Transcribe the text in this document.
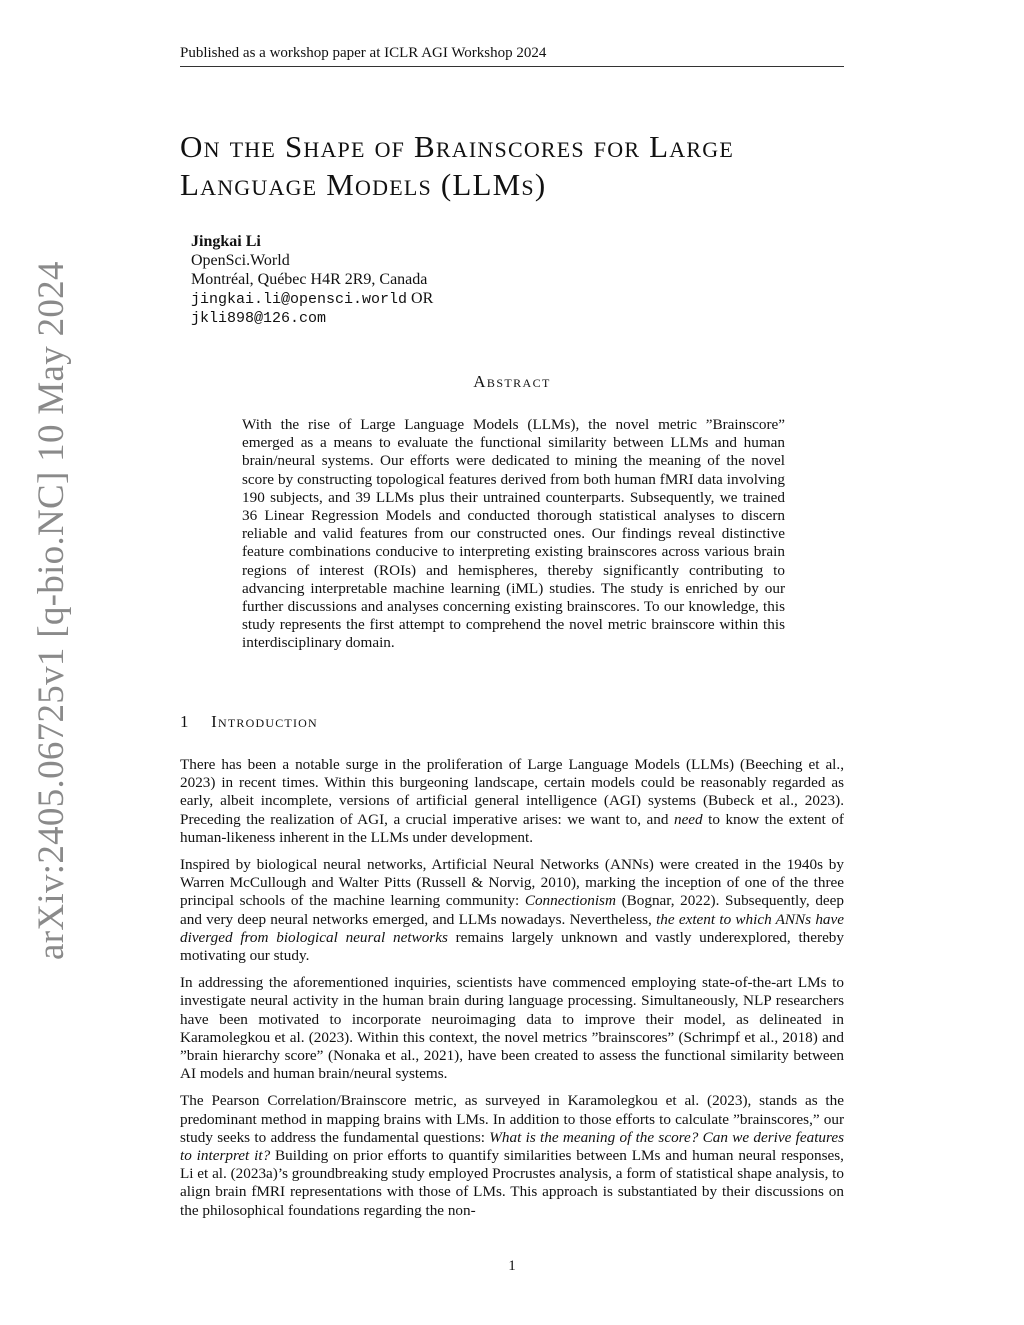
Published as a workshop paper at ICLR AGI Workshop 2024
arXiv:2405.06725v1 [q-bio.NC] 10 May 2024
On the Shape of Brainscores for Large Language Models (LLMs)
Jingkai Li
OpenSci.World
Montréal, Québec H4R 2R9, Canada
jingkai.li@opensci.world OR
jkli898@126.com
Abstract
With the rise of Large Language Models (LLMs), the novel metric ”Brainscore” emerged as a means to evaluate the functional similarity between LLMs and human brain/neural systems. Our efforts were dedicated to mining the meaning of the novel score by constructing topological features derived from both human fMRI data involving 190 subjects, and 39 LLMs plus their untrained counterparts. Subsequently, we trained 36 Linear Regression Models and conducted thorough statistical analyses to discern reliable and valid features from our constructed ones. Our findings reveal distinctive feature combinations conducive to interpreting existing brainscores across various brain regions of interest (ROIs) and hemispheres, thereby significantly contributing to advancing interpretable machine learning (iML) studies. The study is enriched by our further discussions and analyses concerning existing brainscores. To our knowledge, this study represents the first attempt to comprehend the novel metric brainscore within this interdisciplinary domain.
1 Introduction

There has been a notable surge in the proliferation of Large Language Models (LLMs) (Beeching et al., 2023) in recent times. Within this burgeoning landscape, certain models could be reasonably regarded as early, albeit incomplete, versions of artificial general intelligence (AGI) systems (Bubeck et al., 2023). Preceding the realization of AGI, a crucial imperative arises: we want to, and need to know the extent of human-likeness inherent in the LLMs under development.

Inspired by biological neural networks, Artificial Neural Networks (ANNs) were created in the 1940s by Warren McCullough and Walter Pitts (Russell & Norvig, 2010), marking the inception of one of the three principal schools of the machine learning community: Connectionism (Bognar, 2022). Subsequently, deep and very deep neural networks emerged, and LLMs nowadays. Nevertheless, the extent to which ANNs have diverged from biological neural networks remains largely unknown and vastly underexplored, thereby motivating our study.

In addressing the aforementioned inquiries, scientists have commenced employing state-of-the-art LMs to investigate neural activity in the human brain during language processing. Simultaneously, NLP researchers have been motivated to incorporate neuroimaging data to improve their model, as delineated in Karamolegkou et al. (2023). Within this context, the novel metrics ”brainscores” (Schrimpf et al., 2018) and ”brain hierarchy score” (Nonaka et al., 2021), have been created to assess the functional similarity between AI models and human brain/neural systems.

The Pearson Correlation/Brainscore metric, as surveyed in Karamolegkou et al. (2023), stands as the predominant method in mapping brains with LMs. In addition to those efforts to calculate ”brainscores,” our study seeks to address the fundamental questions: What is the meaning of the score? Can we derive features to interpret it? Building on prior efforts to quantify similarities between LMs and human neural responses, Li et al. (2023a)’s groundbreaking study employed Procrustes analysis, a form of statistical shape analysis, to align brain fMRI representations with those of LMs. This approach is substantiated by their discussions on the philosophical foundations regarding the non-

1
